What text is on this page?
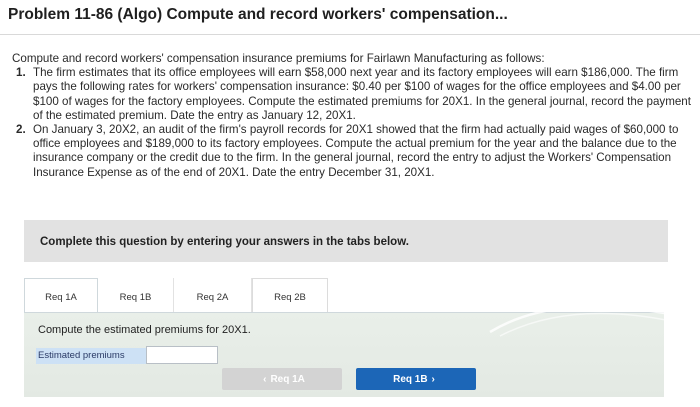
Problem 11-86 (Algo) Compute and record workers' compensation...

Compute and record workers' compensation insurance premiums for Fairlawn Manufacturing as follows:

1. The firm estimates that its office employees will earn $58,000 next year and its factory employees will earn $186,000. The firm pays the following rates for workers' compensation insurance: $0.40 per $100 of wages for the office employees and $4.00 per $100 of wages for the factory employees. Compute the estimated premiums for 20X1. In the general journal, record the payment of the estimated premium. Date the entry as January 12, 20X1.
2. On January 3, 20X2, an audit of the firm's payroll records for 20X1 showed that the firm had actually paid wages of $60,000 to office employees and $189,000 to its factory employees. Compute the actual premium for the year and the balance due to the insurance company or the credit due to the firm. In the general journal, record the entry to adjust the Workers' Compensation Insurance Expense as of the end of 20X1. Date the entry December 31, 20X1.
Complete this question by entering your answers in the tabs below.
Req 1A	Req 1B	Req 2A	Req 2B
Compute the estimated premiums for 20X1.
Estimated premiums
‹ Req 1A	Req 1B ›
